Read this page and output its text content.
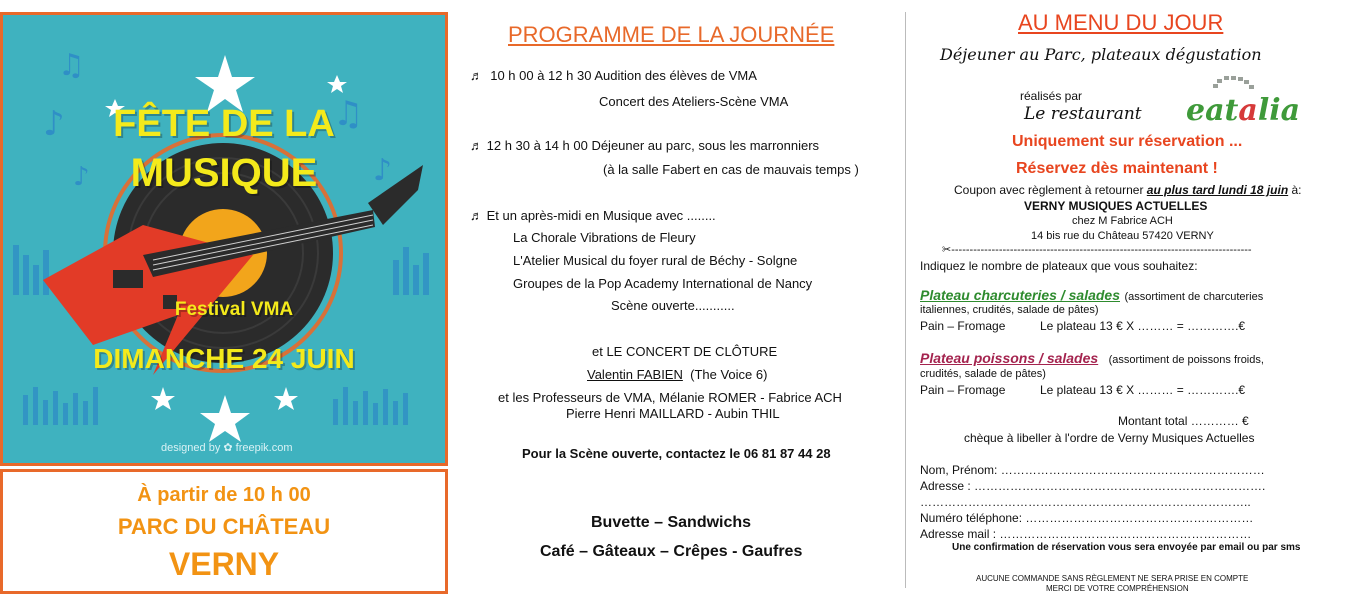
♫
♪	♫
♪
♪
FÊTE DE LA
MUSIQUE
Festival VMA
DIMANCHE 24 JUIN
designed by ✿ freepik.com
À partir de 10 h 00
PARC DU CHÂTEAU
VERNY
PROGRAMME DE LA JOURNÉE
♬ 10 h 00 à 12 h 30 Audition des élèves de VMA
Concert des Ateliers-Scène VMA
♬ 12 h 30 à 14 h 00 Déjeuner au parc, sous les marronniers
(à la salle Fabert en cas de mauvais temps )
♬ Et un après-midi en Musique avec ........
La Chorale Vibrations de Fleury
L'Atelier Musical du foyer rural de Béchy - Solgne
Groupes de la Pop Academy International de Nancy
Scène ouverte...........
et LE CONCERT DE CLÔTURE
Valentin FABIEN (The Voice 6)
et les Professeurs de VMA, Mélanie ROMER - Fabrice ACH
Pierre Henri MAILLARD - Aubin THIL
Pour la Scène ouverte, contactez le 06 81 87 44 28
Buvette – Sandwichs
Café – Gâteaux – Crêpes - Gaufres
AU MENU DU JOUR
Déjeuner au Parc, plateaux dégustation
réalisés par
Le restaurant eatalia
Uniquement sur réservation ...
Réservez dès maintenant !
Coupon avec règlement à retourner au plus tard lundi 18 juin à:
VERNY MUSIQUES ACTUELLES
chez M Fabrice ACH
14 bis rue du Château 57420 VERNY
✂----------------------------------------------------------------------------------
Indiquez le nombre de plateaux que vous souhaitez:
Plateau charcuteries / salades (assortiment de charcuteries
italiennes, crudités, salade de pâtes)
Pain – Fromage	Le plateau 13 € X ……… = ………….€
Plateau poissons / salades (assortiment de poissons froids,
crudités, salade de pâtes)
Pain – Fromage	Le plateau 13 € X ……… = ………….€
Montant total ………… €
chèque à libeller à l'ordre de Verny Musiques Actuelles
Nom, Prénom: …………………………………………………………
Adresse : ……………………………………………………………….
………………………………………………………………………..
Numéro téléphone: …………………………………………………
Adresse mail : ………………………………………………………
Une confirmation de réservation vous sera envoyée par email ou par sms
AUCUNE COMMANDE SANS RÈGLEMENT NE SERA PRISE EN COMPTE
MERCI DE VOTRE COMPRÉHENSION
